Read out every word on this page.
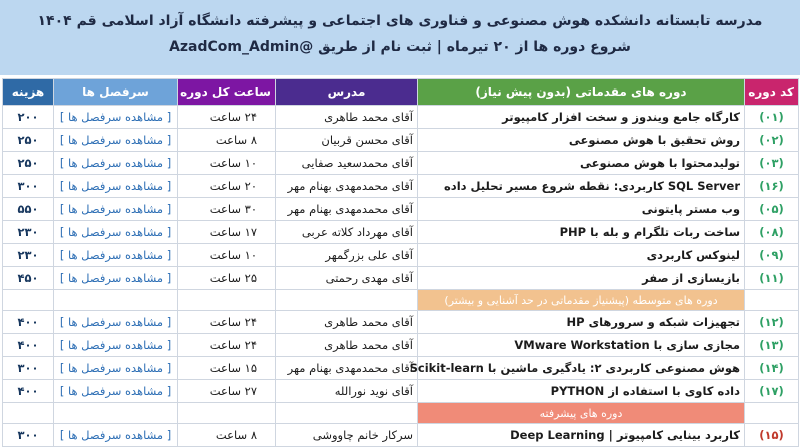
مدرسه تابستانه دانشکده هوش مصنوعی و فناوری های اجتماعی و پیشرفته دانشگاه آزاد اسلامی قم ۱۴۰۴
شروع دوره ها از ۲۰ تیرماه | ثبت نام از طریق @AzadCom_Admin
کد دوره	دوره های مقدماتی (بدون پیش نیاز)	مدرس	ساعت کل دوره	سرفصل ها	هزینه
(۰۱)	کارگاه جامع ویندوز و سخت افزار کامپیوتر	آقای محمد طاهری	۲۴ ساعت	[ مشاهده سرفصل ها ]	۲۰۰
(۰۲)	روش تحقیق با هوش مصنوعی	آقای محسن قربیان	۸ ساعت	[ مشاهده سرفصل ها ]	۲۵۰
(۰۳)	تولیدمحتوا با هوش مصنوعی	آقای محمدسعید صفایی	۱۰ ساعت	[ مشاهده سرفصل ها ]	۲۵۰
(۱۶)	SQL Server کاربردی: نقطه شروع مسیر تحلیل داده	آقای محمدمهدی بهنام مهر	۲۰ ساعت	[ مشاهده سرفصل ها ]	۳۰۰
(۰۵)	وب مستر پایتونی	آقای محمدمهدی بهنام مهر	۳۰ ساعت	[ مشاهده سرفصل ها ]	۵۵۰
(۰۸)	ساخت ربات تلگرام و بله با PHP	آقای مهرداد کلاته عربی	۱۷ ساعت	[ مشاهده سرفصل ها ]	۲۳۰
(۰۹)	لینوکس کاربردی	آقای علی بزرگمهر	۱۰ ساعت	[ مشاهده سرفصل ها ]	۲۳۰
(۱۱)	بازیسازی از صفر	آقای مهدی رحمتی	۲۵ ساعت	[ مشاهده سرفصل ها ]	۴۵۰
	دوره های متوسطه (پیشنیاز مقدماتی در حد آشنایی و بیشتر)				
(۱۲)	تجهیزات شبکه و سرورهای HP	آقای محمد طاهری	۲۴ ساعت	[ مشاهده سرفصل ها ]	۴۰۰
(۱۳)	مجازی سازی با VMware Workstation	آقای محمد طاهری	۲۴ ساعت	[ مشاهده سرفصل ها ]	۴۰۰
(۱۴)	هوش مصنوعی کاربردی ۲: یادگیری ماشین با Scikit-learn	آقای محمدمهدی بهنام مهر	۱۵ ساعت	[ مشاهده سرفصل ها ]	۳۰۰
(۱۷)	داده کاوی با استفاده از PYTHON	آقای نوید نورالله	۲۷ ساعت	[ مشاهده سرفصل ها ]	۴۰۰
	دوره های پیشرفته				
(۱۵)	کاربرد بینایی کامپیوتر | Deep Learning	سرکار خانم چاووشی	۸ ساعت	[ مشاهده سرفصل ها ]	۳۰۰
